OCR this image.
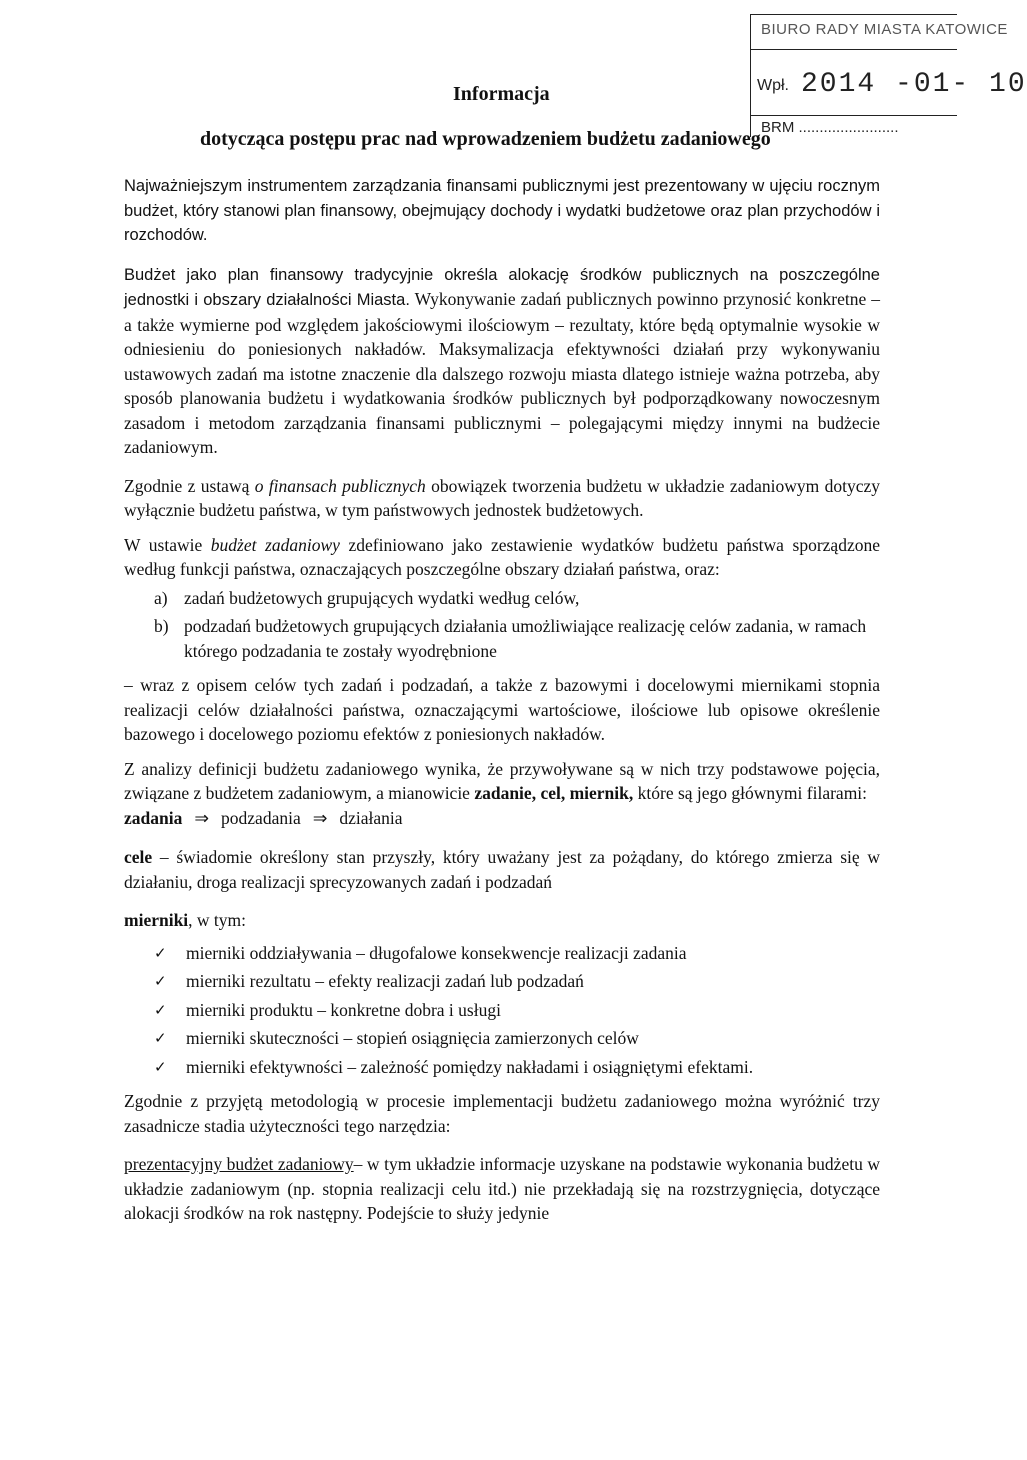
BIURO RADY MIASTA KATOWICE
Wpł. 2014 -01- 10
BRM ........................
Informacja
dotycząca postępu prac nad wprowadzeniem budżetu zadaniowego

Najważniejszym instrumentem zarządzania finansami publicznymi jest prezentowany w ujęciu rocznym budżet, który stanowi plan finansowy, obejmujący dochody i wydatki budżetowe oraz plan przychodów i rozchodów.

Budżet jako plan finansowy tradycyjnie określa alokację środków publicznych na poszczególne jednostki i obszary działalności Miasta. Wykonywanie zadań publicznych powinno przynosić konkretne – a także wymierne pod względem jakościowymi ilościowym – rezultaty, które będą optymalnie wysokie w odniesieniu do poniesionych nakładów. Maksymalizacja efektywności działań przy wykonywaniu ustawowych zadań ma istotne znaczenie dla dalszego rozwoju miasta dlatego istnieje ważna potrzeba, aby sposób planowania budżetu i wydatkowania środków publicznych był podporządkowany nowoczesnym zasadom i metodom zarządzania finansami publicznymi – polegającymi między innymi na budżecie zadaniowym.

Zgodnie z ustawą o finansach publicznych obowiązek tworzenia budżetu w układzie zadaniowym dotyczy wyłącznie budżetu państwa, w tym państwowych jednostek budżetowych.

W ustawie budżet zadaniowy zdefiniowano jako zestawienie wydatków budżetu państwa sporządzone według funkcji państwa, oznaczających poszczególne obszary działań państwa, oraz:

a) zadań budżetowych grupujących wydatki według celów,
b) podzadań budżetowych grupujących działania umożliwiające realizację celów zadania, w ramach którego podzadania te zostały wyodrębnione

– wraz z opisem celów tych zadań i podzadań, a także z bazowymi i docelowymi miernikami stopnia realizacji celów działalności państwa, oznaczającymi wartościowe, ilościowe lub opisowe określenie bazowego i docelowego poziomu efektów z poniesionych nakładów.

Z analizy definicji budżetu zadaniowego wynika, że przywoływane są w nich trzy podstawowe pojęcia, związane z budżetem zadaniowym, a mianowicie zadanie, cel, miernik, które są jego głównymi filarami:

zadania ⇒ podzadania ⇒ działania

cele – świadomie określony stan przyszły, który uważany jest za pożądany, do którego zmierza się w działaniu, droga realizacji sprecyzowanych zadań i podzadań

mierniki, w tym:

✓	mierniki oddziaływania – długofalowe konsekwencje realizacji zadania
✓	mierniki rezultatu – efekty realizacji zadań lub podzadań
✓	mierniki produktu – konkretne dobra i usługi
✓	mierniki skuteczności – stopień osiągnięcia zamierzonych celów
✓	mierniki efektywności – zależność pomiędzy nakładami i osiągniętymi efektami.

Zgodnie z przyjętą metodologią w procesie implementacji budżetu zadaniowego można wyróżnić trzy zasadnicze stadia użyteczności tego narzędzia:

prezentacyjny budżet zadaniowy– w tym układzie informacje uzyskane na podstawie wykonania budżetu w układzie zadaniowym (np. stopnia realizacji celu itd.) nie przekładają się na rozstrzygnięcia, dotyczące alokacji środków na rok następny. Podejście to służy jedynie
